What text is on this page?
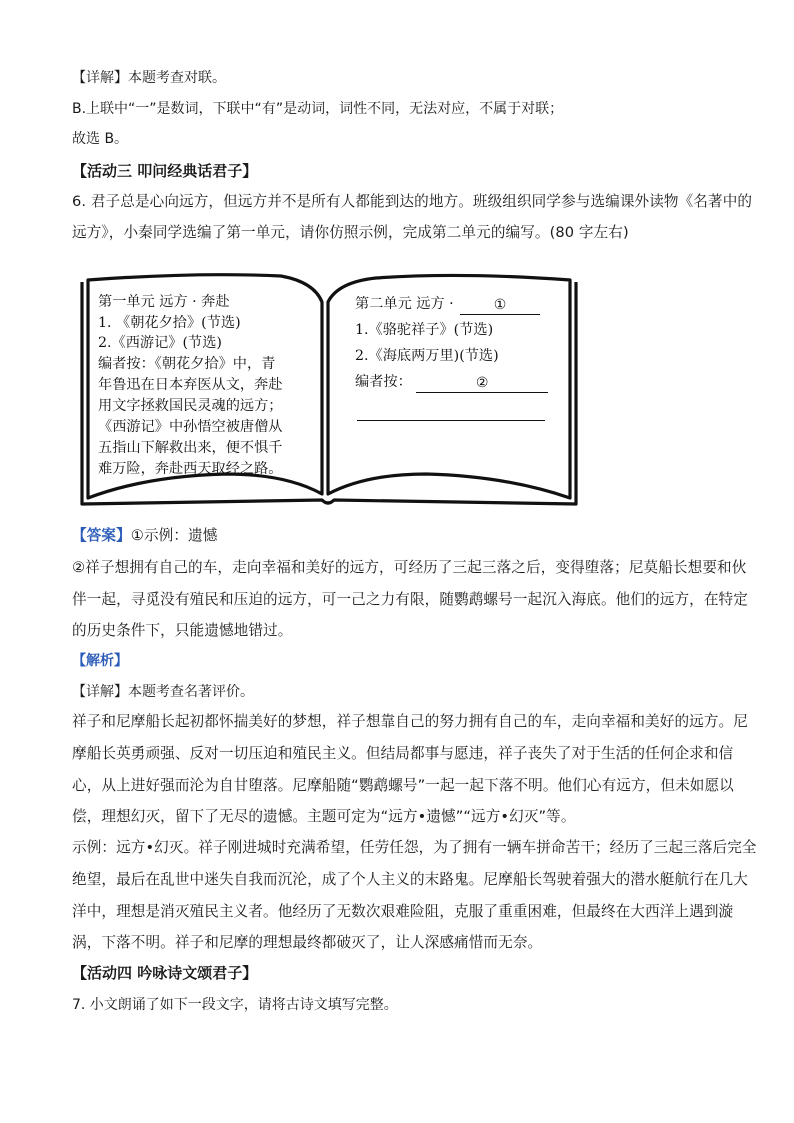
【详解】本题考查对联。
B.上联中“一”是数词，下联中“有”是动词，词性不同，无法对应，不属于对联；
故选 B。
【活动三 叩问经典话君子】
6. 君子总是心向远方，但远方并不是所有人都能到达的地方。班级组织同学参与选编课外读物《名著中的
远方》，小秦同学选编了第一单元，请你仿照示例，完成第二单元的编写。(80 字左右)
第一单元 远方 · 奔赴
1. 《朝花夕拾》(节选)
2.《西游记》(节选)
编者按：《朝花夕拾》中，青
年鲁迅在日本弃医从文，奔赴
用文字拯救国民灵魂的远方；
《西游记》中孙悟空被唐僧从
五指山下解救出来，便不惧千
难万险，奔赴西天取经之路。
第二单元 远方 ·	①
1.《骆驼祥子》(节选)
2.《海底两万里)(节选)
编者按：	②
【答案】①示例：遗憾
②祥子想拥有自己的车，走向幸福和美好的远方，可经历了三起三落之后，变得堕落；尼莫船长想要和伙
伴一起，寻觅没有殖民和压迫的远方，可一己之力有限，随鹦鹉螺号一起沉入海底。他们的远方，在特定
的历史条件下，只能遗憾地错过。
【解析】
【详解】本题考查名著评价。
祥子和尼摩船长起初都怀揣美好的梦想，祥子想靠自己的努力拥有自己的车，走向幸福和美好的远方。尼
摩船长英勇顽强、反对一切压迫和殖民主义。但结局都事与愿违，祥子丧失了对于生活的任何企求和信
心，从上进好强而沦为自甘堕落。尼摩船随“鹦鹉螺号”一起一起下落不明。他们心有远方，但未如愿以
偿，理想幻灭，留下了无尽的遗憾。主题可定为“远方•遗憾”“远方•幻灭”等。
示例：远方•幻灭。祥子刚进城时充满希望，任劳任怨，为了拥有一辆车拼命苦干；经历了三起三落后完全
绝望，最后在乱世中迷失自我而沉沦，成了个人主义的末路鬼。尼摩船长驾驶着强大的潜水艇航行在几大
洋中，理想是消灭殖民主义者。他经历了无数次艰难险阻，克服了重重困难，但最终在大西洋上遇到漩
涡，下落不明。祥子和尼摩的理想最终都破灭了，让人深感痛惜而无奈。
【活动四 吟咏诗文颂君子】
7. 小文朗诵了如下一段文字，请将古诗文填写完整。
